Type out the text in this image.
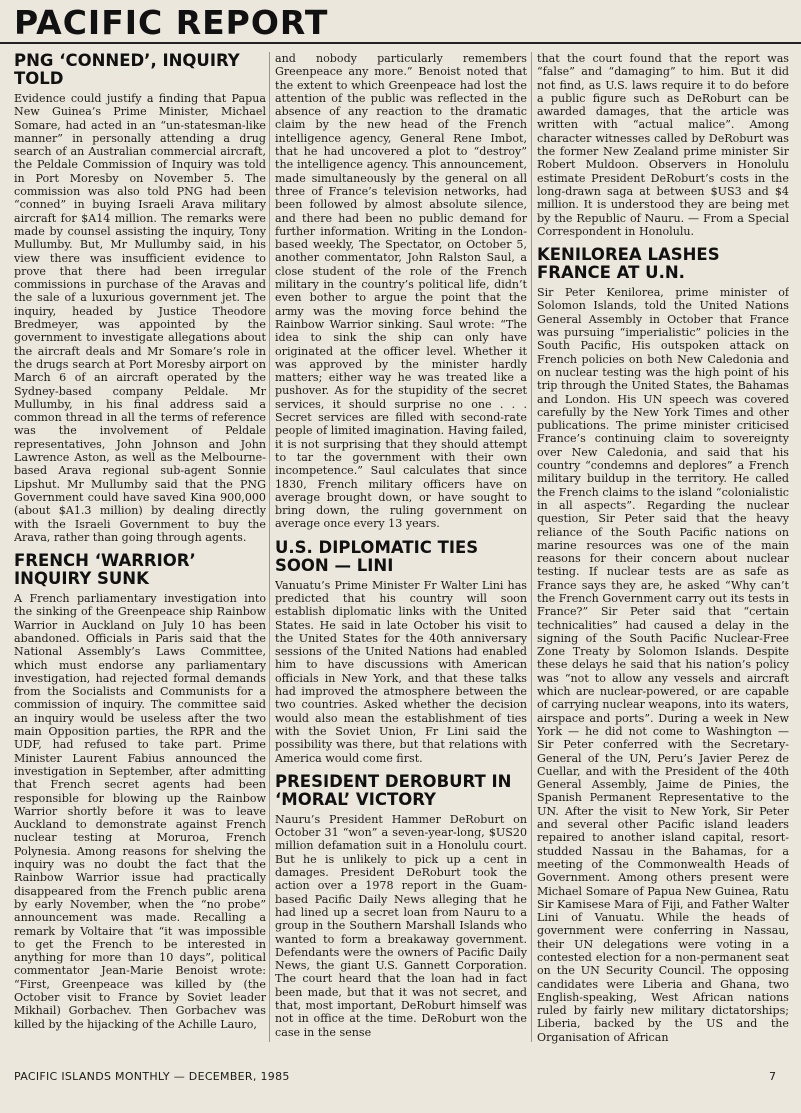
PACIFIC REPORT
PNG ‘CONNED’, INQUIRY TOLD

Evidence could justify a finding that Papua New Guinea’s Prime Minister, Michael Somare, had acted in an “un-statesman-like manner” in personally attending a drug search of an Australian commercial aircraft, the Peldale Commission of Inquiry was told in Port Moresby on November 5. The commission was also told PNG had been “conned” in buying Israeli Arava military aircraft for $A14 million. The remarks were made by counsel assisting the inquiry, Tony Mullumby. But, Mr Mullumby said, in his view there was insufficient evidence to prove that there had been irregular commissions in purchase of the Aravas and the sale of a luxurious government jet. The inquiry, headed by Justice Theodore Bredmeyer, was appointed by the government to investigate allegations about the aircraft deals and Mr Somare’s role in the drugs search at Port Moresby airport on March 6 of an aircraft operated by the Sydney-based company Peldale. Mr Mullumby, in his final address said a common thread in all the terms of reference was the involvement of Peldale representatives, John Johnson and John Lawrence Aston, as well as the Melbourne-based Arava regional sub-agent Sonnie Lipshut. Mr Mullumby said that the PNG Government could have saved Kina 900,000 (about $A1.3 million) by dealing directly with the Israeli Government to buy the Arava, rather than going through agents.

FRENCH ‘WARRIOR’ INQUIRY SUNK

A French parliamentary investigation into the sinking of the Greenpeace ship Rainbow Warrior in Auckland on July 10 has been abandoned. Officials in Paris said that the National Assembly’s Laws Committee, which must endorse any parliamentary investigation, had rejected formal demands from the Socialists and Communists for a commission of inquiry. The committee said an inquiry would be useless after the two main Opposition parties, the RPR and the UDF, had refused to take part. Prime Minister Laurent Fabius announced the investigation in September, after admitting that French secret agents had been responsible for blowing up the Rainbow Warrior shortly before it was to leave Auckland to demonstrate against French nuclear testing at Moruroa, French Polynesia. Among reasons for shelving the inquiry was no doubt the fact that the Rainbow Warrior issue had practically disappeared from the French public arena by early November, when the “no probe” announcement was made. Recalling a remark by Voltaire that “it was impossible to get the French to be interested in anything for more than 10 days”, political commentator Jean-Marie Benoist wrote: “First, Greenpeace was killed by (the October visit to France by Soviet leader Mikhail) Gorbachev. Then Gorbachev was killed by the hijacking of the Achille Lauro,

and nobody particularly remembers Greenpeace any more.” Benoist noted that the extent to which Greenpeace had lost the attention of the public was reflected in the absence of any reaction to the dramatic claim by the new head of the French intelligence agency, General Rene Imbot, that he had uncovered a plot to “destroy” the intelligence agency. This announcement, made simultaneously by the general on all three of France’s television networks, had been followed by almost absolute silence, and there had been no public demand for further information. Writing in the London-based weekly, The Spectator, on October 5, another commentator, John Ralston Saul, a close student of the role of the French military in the country’s political life, didn’t even bother to argue the point that the army was the moving force behind the Rainbow Warrior sinking. Saul wrote: “The idea to sink the ship can only have originated at the officer level. Whether it was approved by the minister hardly matters; either way he was treated like a pushover. As for the stupidity of the secret services, it should surprise no one . . . Secret services are filled with second-rate people of limited imagination. Having failed, it is not surprising that they should attempt to tar the government with their own incompetence.” Saul calculates that since 1830, French military officers have on average brought down, or have sought to bring down, the ruling government on average once every 13 years.

U.S. DIPLOMATIC TIES SOON — LINI

Vanuatu’s Prime Minister Fr Walter Lini has predicted that his country will soon establish diplomatic links with the United States. He said in late October his visit to the United States for the 40th anniversary sessions of the United Nations had enabled him to have discussions with American officials in New York, and that these talks had improved the atmosphere between the two countries. Asked whether the decision would also mean the establishment of ties with the Soviet Union, Fr Lini said the possibility was there, but that relations with America would come first.

PRESIDENT DEROBURT IN ‘MORAL’ VICTORY

Nauru’s President Hammer DeRoburt on October 31 “won” a seven-year-long, $US20 million defamation suit in a Honolulu court. But he is unlikely to pick up a cent in damages. President DeRoburt took the action over a 1978 report in the Guam-based Pacific Daily News alleging that he had lined up a secret loan from Nauru to a group in the Southern Marshall Islands who wanted to form a breakaway government. Defendants were the owners of Pacific Daily News, the giant U.S. Gannett Corporation. The court heard that the loan had in fact been made, but that it was not secret, and that, most important, DeRoburt himself was not in office at the time. DeRoburt won the case in the sense

that the court found that the report was “false” and “damaging” to him. But it did not find, as U.S. laws require it to do before a public figure such as DeRoburt can be awarded damages, that the article was written with “actual malice”. Among character witnesses called by DeRoburt was the former New Zealand prime minister Sir Robert Muldoon. Observers in Honolulu estimate President DeRoburt’s costs in the long-drawn saga at between $US3 and $4 million. It is understood they are being met by the Republic of Nauru. — From a Special Correspondent in Honolulu.

KENILOREA LASHES FRANCE AT U.N.

Sir Peter Kenilorea, prime minister of Solomon Islands, told the United Nations General Assembly in October that France was pursuing “imperialistic” policies in the South Pacific, His outspoken attack on French policies on both New Caledonia and on nuclear testing was the high point of his trip through the United States, the Bahamas and London. His UN speech was covered carefully by the New York Times and other publications. The prime minister criticised France’s continuing claim to sovereignty over New Caledonia, and said that his country “condemns and deplores” a French military buildup in the territory. He called the French claims to the island “colonialistic in all aspects”. Regarding the nuclear question, Sir Peter said that the heavy reliance of the South Pacific nations on marine resources was one of the main reasons for their concern about nuclear testing. If nuclear tests are as safe as France says they are, he asked “Why can’t the French Government carry out its tests in France?” Sir Peter said that “certain technicalities” had caused a delay in the signing of the South Pacific Nuclear-Free Zone Treaty by Solomon Islands. Despite these delays he said that his nation’s policy was “not to allow any vessels and aircraft which are nuclear-powered, or are capable of carrying nuclear weapons, into its waters, airspace and ports”. During a week in New York — he did not come to Washington — Sir Peter conferred with the Secretary-General of the UN, Peru’s Javier Perez de Cuellar, and with the President of the 40th General Assembly, Jaime de Pinies, the Spanish Permanent Representative to the UN. After the visit to New York, Sir Peter and several other Pacific island leaders repaired to another island capital, resort-studded Nassau in the Bahamas, for a meeting of the Commonwealth Heads of Government. Among others present were Michael Somare of Papua New Guinea, Ratu Sir Kamisese Mara of Fiji, and Father Walter Lini of Vanuatu. While the heads of government were conferring in Nassau, their UN delegations were voting in a contested election for a non-permanent seat on the UN Security Council. The opposing candidates were Liberia and Ghana, two English-speaking, West African nations ruled by fairly new military dictatorships; Liberia, backed by the US and the Organisation of African

PACIFIC ISLANDS MONTHLY — DECEMBER, 1985	7
